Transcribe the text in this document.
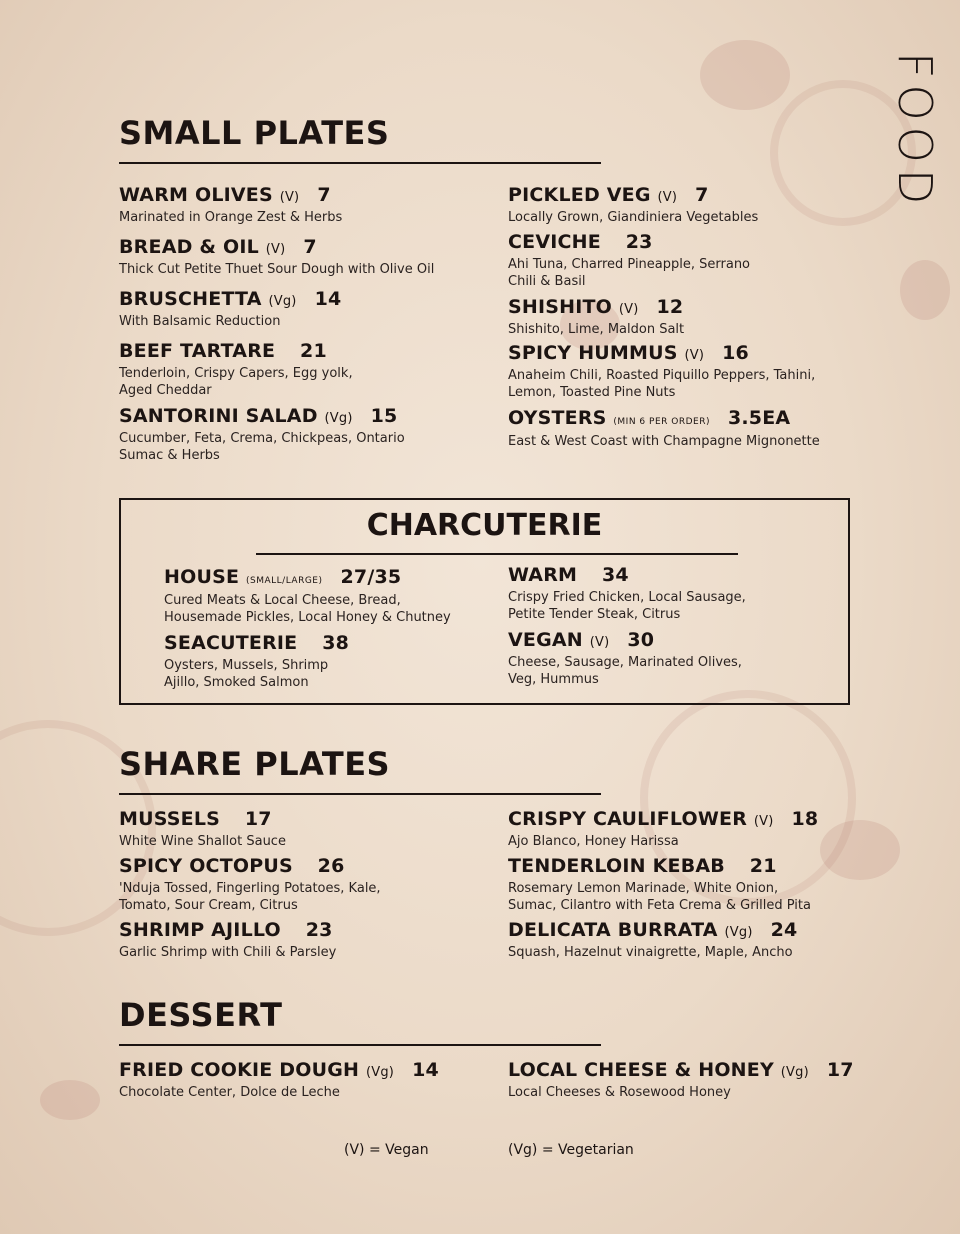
FOOD
SMALL PLATES
WARM OLIVES (V) 7
Marinated in Orange Zest & Herbs
BREAD & OIL (V) 7
Thick Cut Petite Thuet Sour Dough with Olive Oil
BRUSCHETTA (Vg) 14
With Balsamic Reduction
BEEF TARTARE 21
Tenderloin, Crispy Capers, Egg yolk, Aged Cheddar
SANTORINI SALAD (Vg) 15
Cucumber, Feta, Crema, Chickpeas, Ontario Sumac & Herbs
PICKLED VEG (V) 7
Locally Grown, Giandiniera Vegetables
CEVICHE 23
Ahi Tuna, Charred Pineapple, Serrano Chili & Basil
SHISHITO (V) 12
Shishito, Lime, Maldon Salt
SPICY HUMMUS (V) 16
Anaheim Chili, Roasted Piquillo Peppers, Tahini, Lemon, Toasted Pine Nuts
OYSTERS (MIN 6 PER ORDER) 3.5EA
East & West Coast with Champagne Mignonette
CHARCUTERIE
HOUSE (SMALL/LARGE) 27/35
Cured Meats & Local Cheese, Bread, Housemade Pickles, Local Honey & Chutney
SEACUTERIE 38
Oysters, Mussels, Shrimp Ajillo, Smoked Salmon
WARM 34
Crispy Fried Chicken, Local Sausage, Petite Tender Steak, Citrus
VEGAN (V) 30
Cheese, Sausage, Marinated Olives, Veg, Hummus
SHARE PLATES
MUSSELS 17
White Wine Shallot Sauce
SPICY OCTOPUS 26
'Nduja Tossed, Fingerling Potatoes, Kale, Tomato, Sour Cream, Citrus
SHRIMP AJILLO 23
Garlic Shrimp with Chili & Parsley
CRISPY CAULIFLOWER (V) 18
Ajo Blanco, Honey Harissa
TENDERLOIN KEBAB 21
Rosemary Lemon Marinade, White Onion, Sumac, Cilantro with Feta Crema & Grilled Pita
DELICATA BURRATA (Vg) 24
Squash, Hazelnut vinaigrette, Maple, Ancho
DESSERT
FRIED COOKIE DOUGH (Vg) 14
Chocolate Center, Dolce de Leche
LOCAL CHEESE & HONEY (Vg) 17
Local Cheeses & Rosewood Honey
(V) = Vegan	(Vg) = Vegetarian
